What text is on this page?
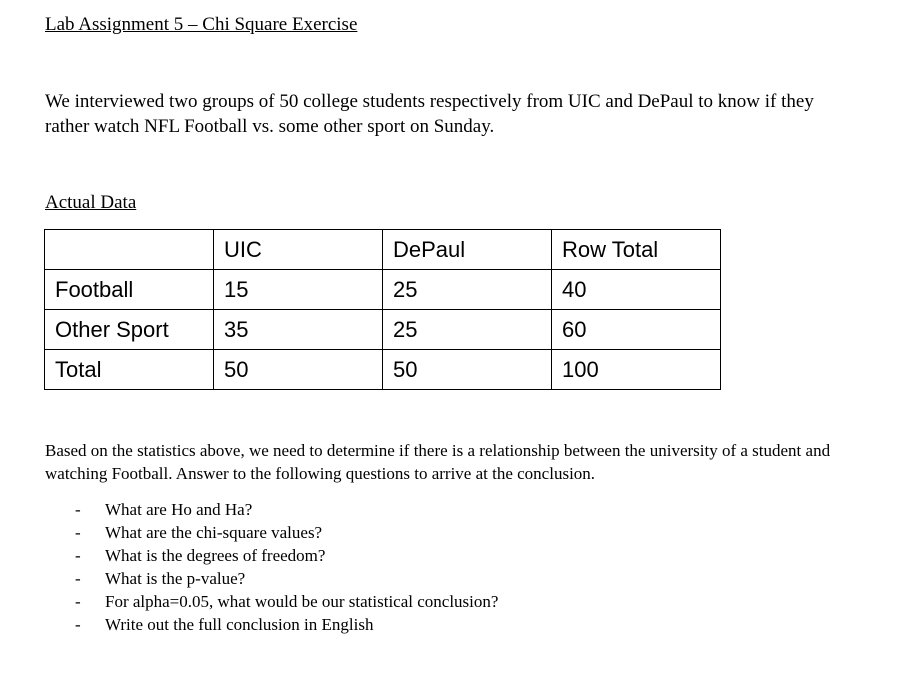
Lab Assignment 5 – Chi Square Exercise
We interviewed two groups of 50 college students respectively from UIC and DePaul to know if they rather watch NFL Football vs. some other sport on Sunday.
Actual Data
	UIC	DePaul	Row Total
Football	15	25	40
Other Sport	35	25	60
Total	50	50	100
Based on the statistics above, we need to determine if there is a relationship between the university of a student and watching Football. Answer to the following questions to arrive at the conclusion.
- What are Ho and Ha?
- What are the chi-square values?
- What is the degrees of freedom?
- What is the p-value?
- For alpha=0.05, what would be our statistical conclusion?
- Write out the full conclusion in English
